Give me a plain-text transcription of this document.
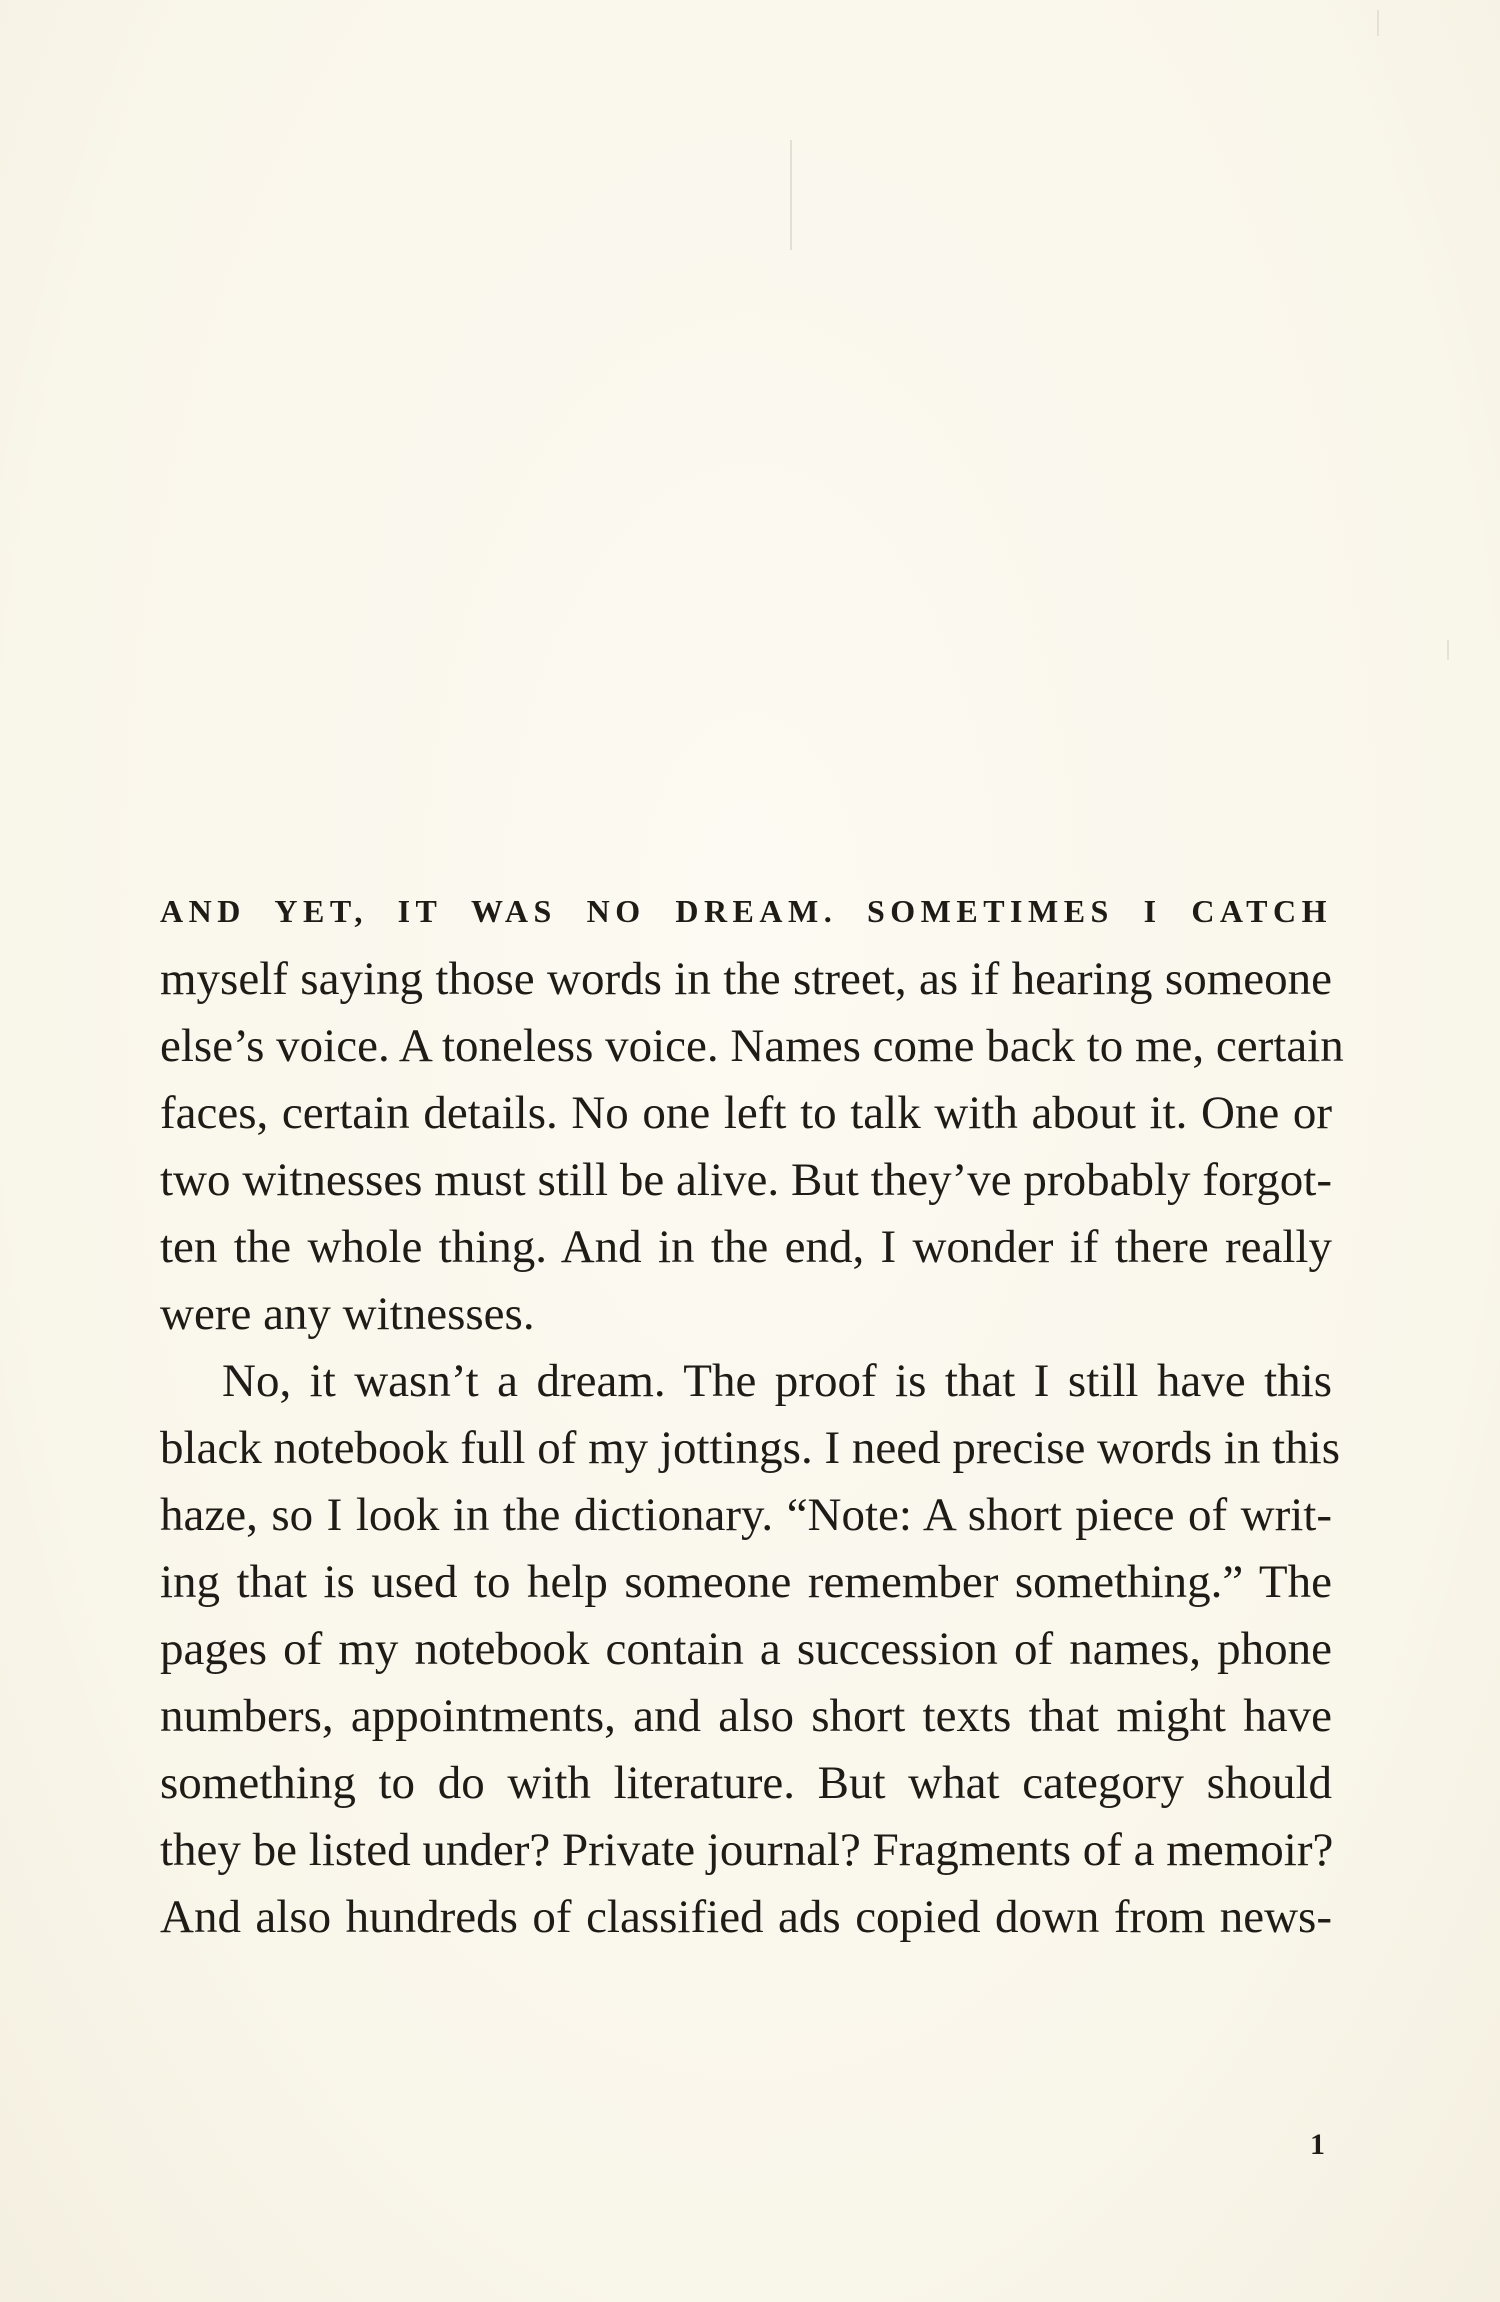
AND YET, IT WAS NO DREAM. SOMETIMES I CATCH
myself saying those words in the street, as if hearing someone
else’s voice. A toneless voice. Names come back to me, certain
faces, certain details. No one left to talk with about it. One or
two witnesses must still be alive. But they’ve probably forgot-
ten the whole thing. And in the end, I wonder if there really
were any witnesses.
No, it wasn’t a dream. The proof is that I still have this
black notebook full of my jottings. I need precise words in this
haze, so I look in the dictionary. “Note: A short piece of writ-
ing that is used to help someone remember something.” The
pages of my notebook contain a succession of names, phone
numbers, appointments, and also short texts that might have
something to do with literature. But what category should
they be listed under? Private journal? Fragments of a memoir?
And also hundreds of classified ads copied down from news-
1
